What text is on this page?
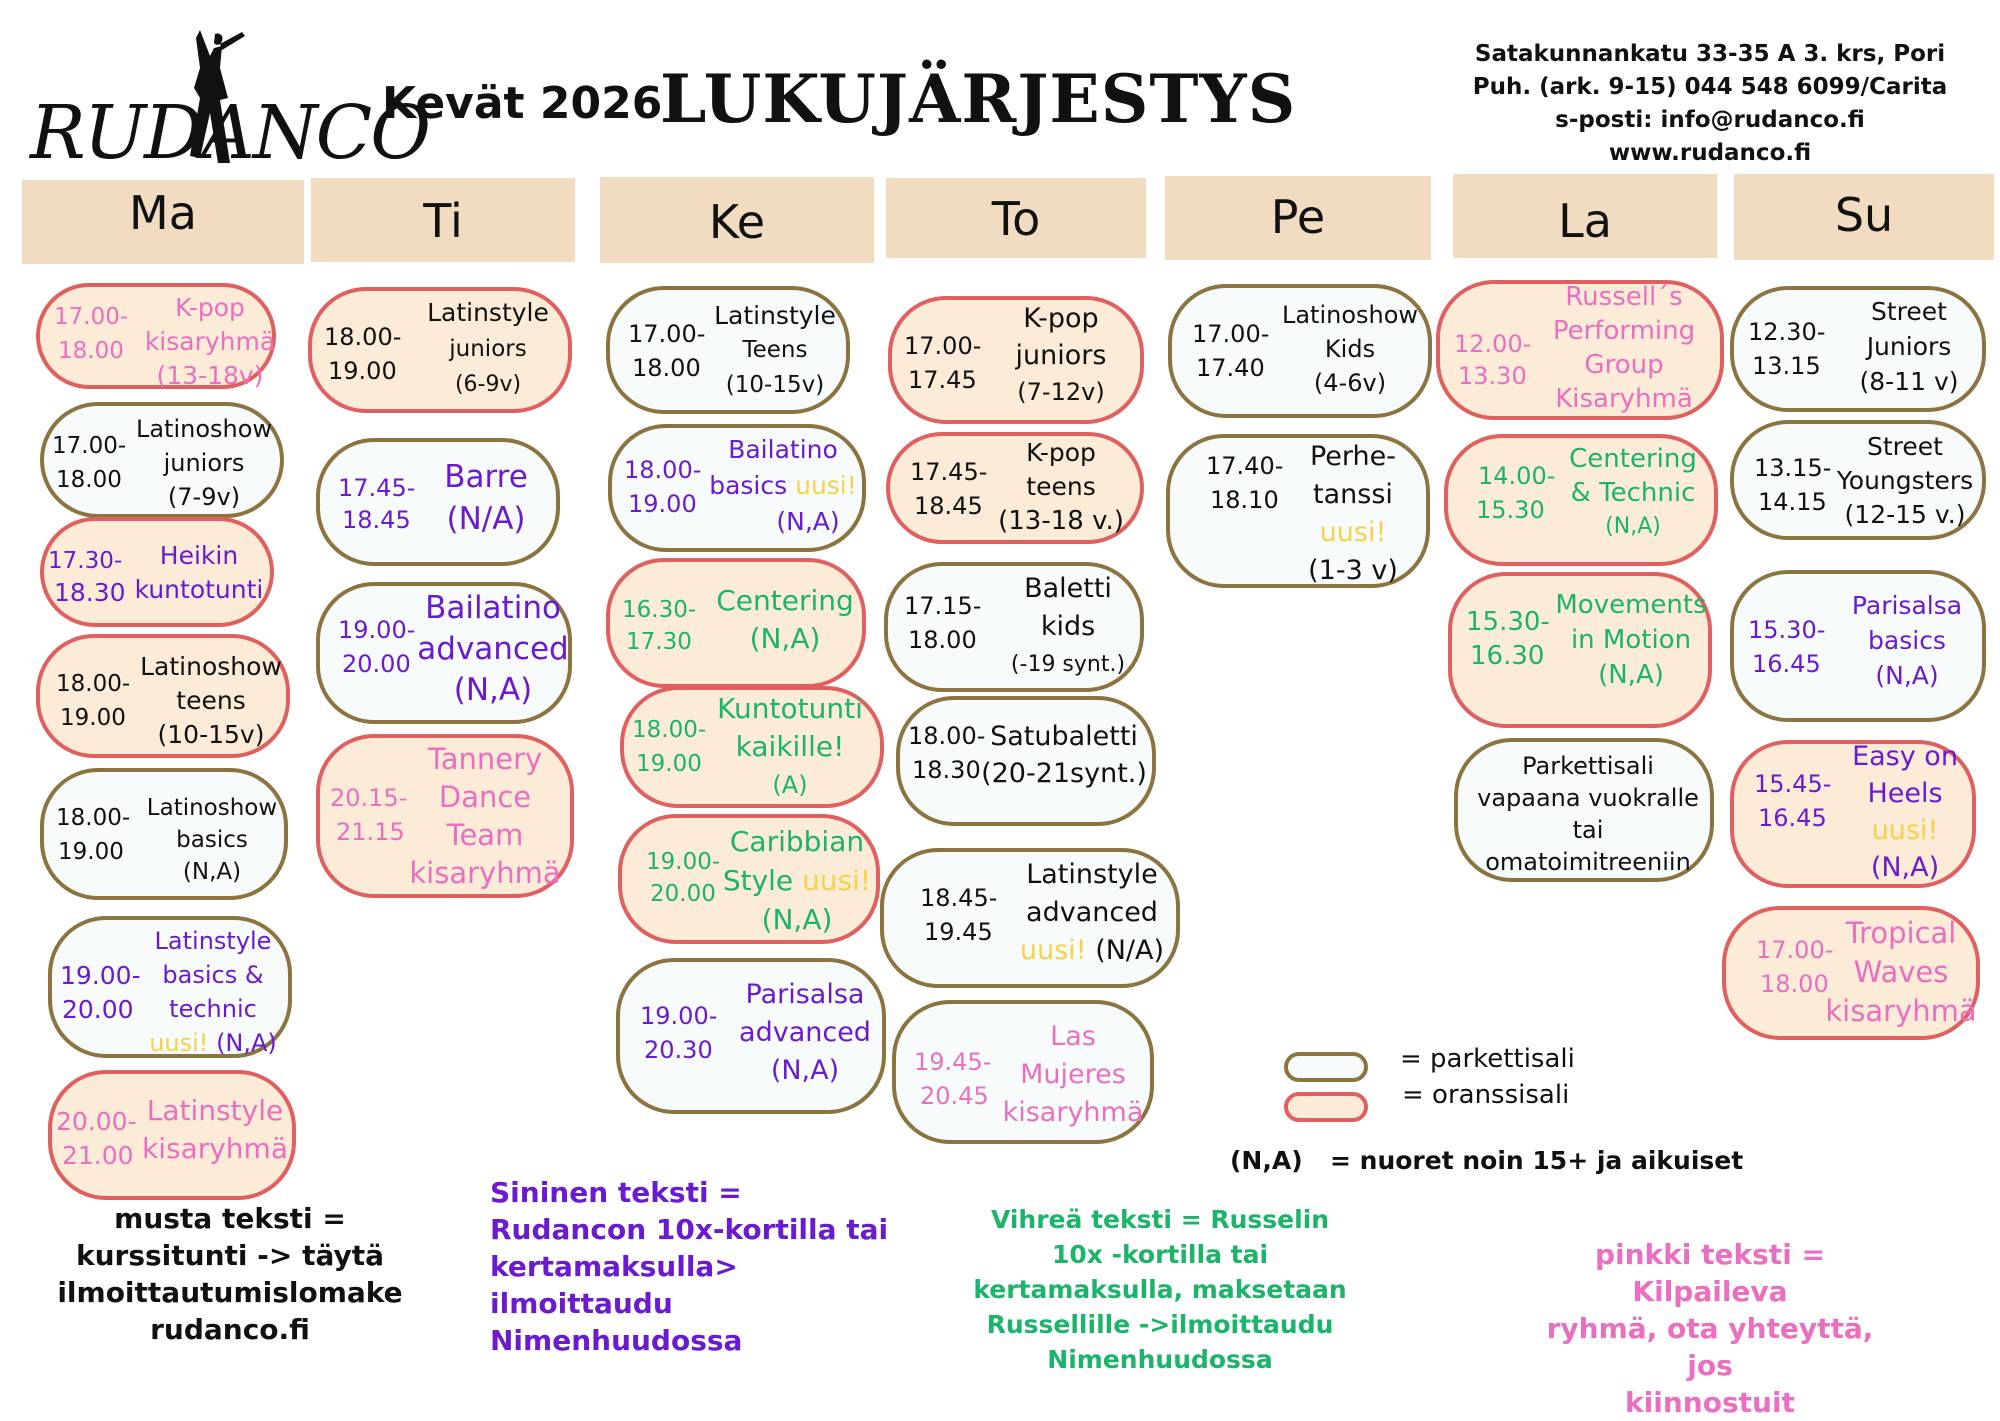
RUDANCO
Kevät 2026
LUKUJÄRJESTYS
Satakunnankatu 33-35 A 3. krs, Pori
Puh. (ark. 9-15) 044 548 6099/Carita
s-posti: info@rudanco.fi
www.rudanco.fi
Ma	Ti	Ke	To	Pe	La	Su
17.00-
18.00
K-pop
kisaryhmä
(13-18v)
17.00-
18.00
Latinoshow
juniors
(7-9v)
17.30-
18.30
Heikin
kuntotunti
18.00-
19.00
Latinoshow
teens
(10-15v)
18.00-
19.00
Latinoshow
basics
(N,A)
19.00-
20.00
Latinstyle
basics &
technic
uusi! (N,A)
20.00-
21.00
Latinstyle
kisaryhmä
18.00-
19.00
Latinstyle
juniors
(6-9v)
17.45-
18.45
Barre
(N/A)
19.00-
20.00
Bailatino
advanced
(N,A)
20.15-
21.15
Tannery
Dance
Team
kisaryhmä
17.00-
18.00
Latinstyle
Teens
(10-15v)
18.00-
19.00
Bailatino
basics uusi!
(N,A)
16.30-
17.30
Centering
(N,A)
18.00-
19.00
Kuntotunti
kaikille!
(A)
19.00-
20.00
Caribbian
Style uusi!
(N,A)
19.00-
20.30
Parisalsa
advanced
(N,A)
17.00-
17.45
K-pop
juniors
(7-12v)
17.45-
18.45
K-pop
teens
(13-18 v.)
17.15-
18.00
Baletti
kids
(-19 synt.)
18.00-
18.30
Satubaletti
(20-21synt.)
18.45-
19.45
Latinstyle
advanced
uusi! (N/A)
19.45-
20.45
Las
Mujeres
kisaryhmä
17.00-
17.40
Latinoshow
Kids
(4-6v)
17.40-
18.10
Perhe-
tanssi
uusi!
(1-3 v)
12.00-
13.30
Russell´s
Performing
Group
Kisaryhmä
14.00-
15.30
Centering
& Technic
(N,A)
15.30-
16.30
Movements
in Motion
(N,A)
Parkettisali
vapaana vuokralle
tai
omatoimitreeniin
12.30-
13.15
Street
Juniors
(8-11 v)
13.15-
14.15
Street
Youngsters
(12-15 v.)
15.30-
16.45
Parisalsa
basics
(N,A)
15.45-
16.45
Easy on
Heels
uusi!
(N,A)
17.00-
18.00
Tropical
Waves
kisaryhmä
= parkettisali
= oranssisali
(N,A) = nuoret noin 15+ ja aikuiset
musta teksti =
kurssitunti -> täytä
ilmoittautumislomake
rudanco.fi
Sininen teksti =
Rudancon 10x-kortilla tai
kertamaksulla>
ilmoittaudu
Nimenhuudossa
Vihreä teksti = Russelin
10x -kortilla tai
kertamaksulla, maksetaan
Russellille ->ilmoittaudu
Nimenhuudossa
pinkki teksti = Kilpaileva
ryhmä, ota yhteyttä, jos
kiinnostuit
